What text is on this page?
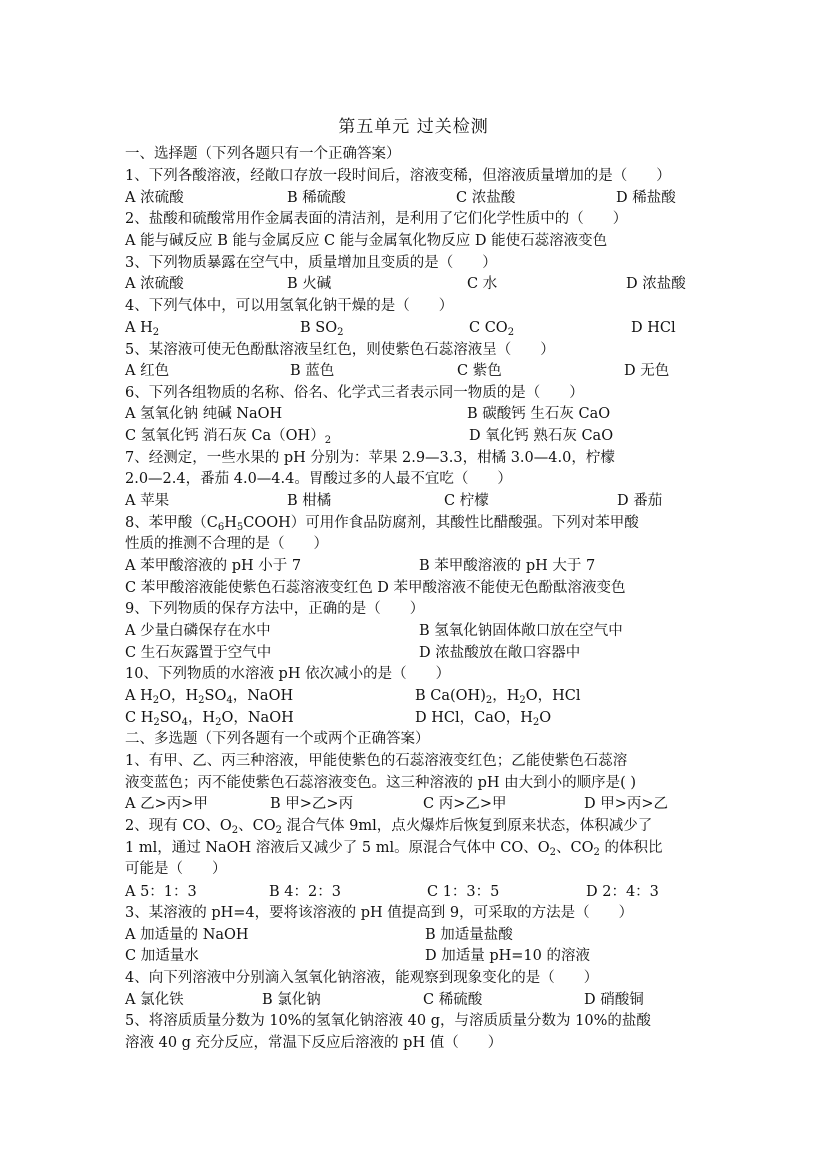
第五单元 过关检测
一、选择题（下列各题只有一个正确答案）
1、下列各酸溶液，经敞口存放一段时间后，溶液变稀，但溶液质量增加的是（　　）
A 浓硫酸	B 稀硫酸	C 浓盐酸	D 稀盐酸
2、盐酸和硫酸常用作金属表面的清洁剂，是利用了它们化学性质中的（　　）
A 能与碱反应 B 能与金属反应 C 能与金属氧化物反应 D 能使石蕊溶液变色
3、下列物质暴露在空气中，质量增加且变质的是（　　）
A 浓硫酸	B 火碱	C 水	D 浓盐酸
4、下列气体中，可以用氢氧化钠干燥的是（　　）
A $H_2$	B $SO_2$	C $CO_2$	D HCl
5、某溶液可使无色酚酞溶液呈红色，则使紫色石蕊溶液呈（　　）
A 红色	B 蓝色	C 紫色	D 无色
6、下列各组物质的名称、俗名、化学式三者表示同一物质的是（　　）
A 氢氧化钠 纯碱 NaOH	B 碳酸钙 生石灰 CaO
C 氢氧化钙 消石灰 $Ca(OH)_2$	D 氧化钙 熟石灰 CaO
7、经测定，一些水果的 pH 分别为：苹果 2.9—3.3，柑橘 3.0—4.0，柠檬
2.0—2.4，番茄 4.0—4.4。胃酸过多的人最不宜吃（　　）
A 苹果	B 柑橘	C 柠檬	D 番茄
8、苯甲酸$(C_6H_5COOH)$可用作食品防腐剂，其酸性比醋酸强。下列对苯甲酸
性质的推测不合理的是（　　）
A 苯甲酸溶液的 pH 小于 7	B 苯甲酸溶液的 pH 大于 7
C 苯甲酸溶液能使紫色石蕊溶液变红色 D 苯甲酸溶液不能使无色酚酞溶液变色
9、下列物质的保存方法中，正确的是（　　）
A 少量白磷保存在水中	B 氢氧化钠固体敞口放在空气中
C 生石灰露置于空气中	D 浓盐酸放在敞口容器中
10、下列物质的水溶液 pH 依次减小的是（　　）
A $H_2O$，$H_2SO_4$，NaOH	B $Ca(OH)_2$，$H_2O$，HCl
C $H_2SO_4$，$H_2O$，NaOH	D HCl，CaO，$H_2O$
二、多选题（下列各题有一个或两个正确答案）
1、有甲、乙、丙三种溶液，甲能使紫色的石蕊溶液变红色；乙能使紫色石蕊溶
液变蓝色；丙不能使紫色石蕊溶液变色。这三种溶液的 pH 由大到小的顺序是( )
A 乙>丙>甲	B 甲>乙>丙	C 丙>乙>甲	D 甲>丙>乙
2、现有 CO、$O_2$、$CO_2$ 混合气体 9ml，点火爆炸后恢复到原来状态，体积减少了
1 ml，通过 NaOH 溶液后又减少了 5 ml。原混合气体中 CO、$O_2$、$CO_2$ 的体积比
可能是（　　）
A 5：1：3	B 4：2：3	C 1：3：5	D 2：4：3
3、某溶液的 pH=4，要将该溶液的 pH 值提高到 9，可采取的方法是（　　）
A 加适量的 NaOH	B 加适量盐酸
C 加适量水	D 加适量 pH=10 的溶液
4、向下列溶液中分别滴入氢氧化钠溶液，能观察到现象变化的是（　　）
A 氯化铁	B 氯化钠	C 稀硫酸	D 硝酸铜
5、将溶质质量分数为 10%的氢氧化钠溶液 40 g，与溶质质量分数为 10%的盐酸
溶液 40 g 充分反应，常温下反应后溶液的 pH 值（　　）
